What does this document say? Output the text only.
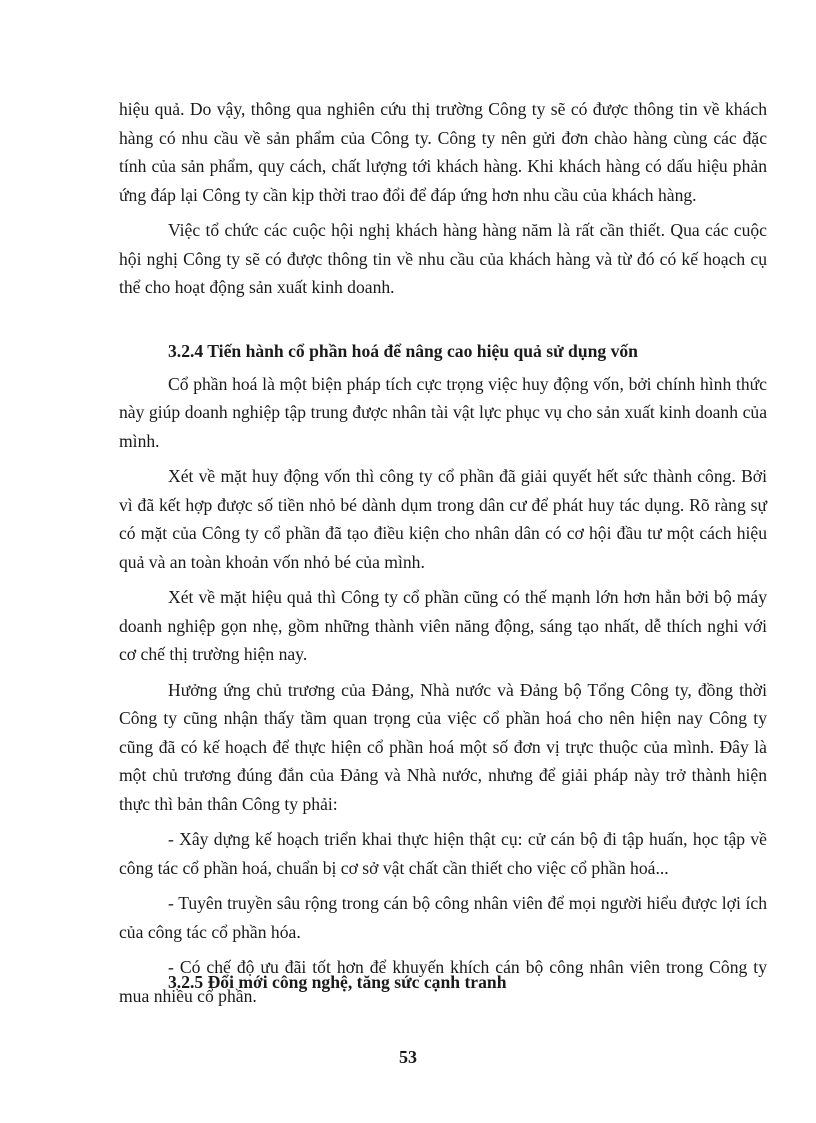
hiệu quả. Do vậy, thông qua nghiên cứu thị trường Công ty sẽ có được thông tin về khách hàng có nhu cầu về sản phẩm của Công ty. Công ty nên gửi đơn chào hàng cùng các đặc tính của sản phẩm, quy cách, chất lượng tới khách hàng. Khi khách hàng có dấu hiệu phản ứng đáp lại Công ty cần kịp thời trao đổi để đáp ứng hơn nhu cầu của khách hàng.

Việc tổ chức các cuộc hội nghị khách hàng hàng năm là rất cần thiết. Qua các cuộc hội nghị Công ty sẽ có được thông tin về nhu cầu của khách hàng và từ đó có kế hoạch cụ thể cho hoạt động sản xuất kinh doanh.

3.2.4 Tiến hành cổ phần hoá để nâng cao hiệu quả sử dụng vốn

Cổ phần hoá là một biện pháp tích cực trọng việc huy động vốn, bởi chính hình thức này giúp doanh nghiệp tập trung được nhân tài vật lực phục vụ cho sản xuất kinh doanh của mình.

Xét về mặt huy động vốn thì công ty cổ phần đã giải quyết hết sức thành công. Bởi vì đã kết hợp được số tiền nhỏ bé dành dụm trong dân cư để phát huy tác dụng. Rõ ràng sự có mặt của Công ty cổ phần đã tạo điều kiện cho nhân dân có cơ hội đầu tư một cách hiệu quả và an toàn khoản vốn nhỏ bé của mình.

Xét về mặt hiệu quả thì Công ty cổ phần cũng có thế mạnh lớn hơn hẳn bởi bộ máy doanh nghiệp gọn nhẹ, gồm những thành viên năng động, sáng tạo nhất, dễ thích nghi với cơ chế thị trường hiện nay.

Hưởng ứng chủ trương của Đảng, Nhà nước và Đảng bộ Tổng Công ty, đồng thời Công ty cũng nhận thấy tầm quan trọng của việc cổ phần hoá cho nên hiện nay Công ty cũng đã có kế hoạch để thực hiện cổ phần hoá một số đơn vị trực thuộc của mình. Đây là một chủ trương đúng đắn của Đảng và Nhà nước, nhưng để giải pháp này trở thành hiện thực thì bản thân Công ty phải:

- Xây dựng kế hoạch triển khai thực hiện thật cụ: cử cán bộ đi tập huấn, học tập về công tác cổ phần hoá, chuẩn bị cơ sở vật chất cần thiết cho việc cổ phần hoá...

- Tuyên truyền sâu rộng trong cán bộ công nhân viên để mọi người hiểu được lợi ích của công tác cổ phần hóa.

- Có chế độ ưu đãi tốt hơn để khuyến khích cán bộ công nhân viên trong Công ty mua nhiều cổ phần.

3.2.5 Đổi mới công nghệ, tăng sức cạnh tranh

53
